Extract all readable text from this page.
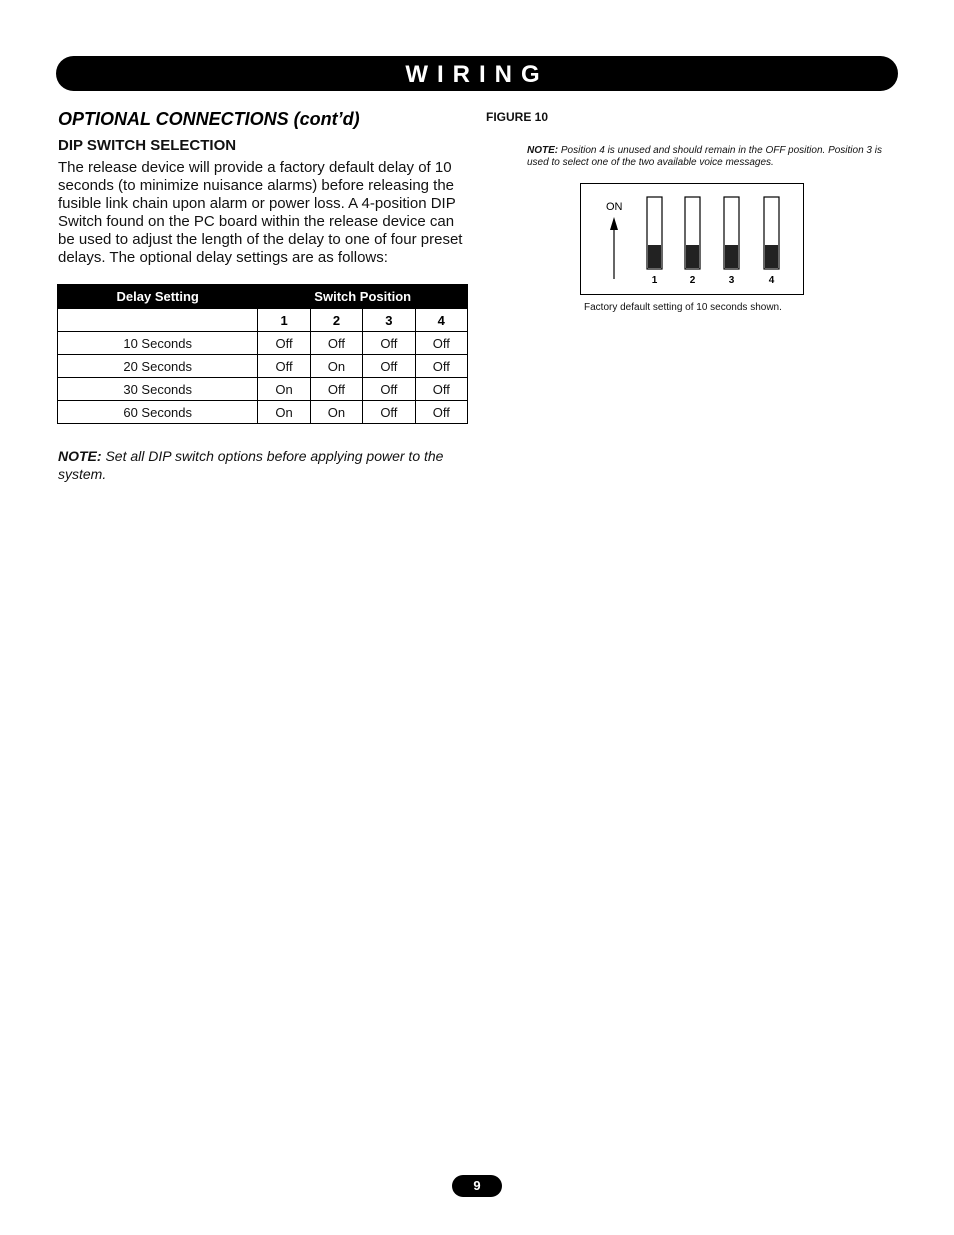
WIRING
OPTIONAL CONNECTIONS (cont’d)
DIP SWITCH SELECTION
The release device will provide a factory default delay of 10 seconds (to minimize nuisance alarms) before releasing the fusible link chain upon alarm or power loss. A 4-position DIP Switch found on the PC board within the release device can be used to adjust the length of the delay to one of four preset delays. The optional delay settings are as follows:
Delay Setting	Switch Position			
	1	2	3	4
10 Seconds	Off	Off	Off	Off
20 Seconds	Off	On	Off	Off
30 Seconds	On	Off	Off	Off
60 Seconds	On	On	Off	Off
NOTE: Set all DIP switch options before applying power to the system.
FIGURE 10
NOTE: Position 4 is unused and should remain in the OFF position. Position 3 is used to select one of the two available voice messages.
ON
1	2	3	4
Factory default setting of 10 seconds shown.
9
